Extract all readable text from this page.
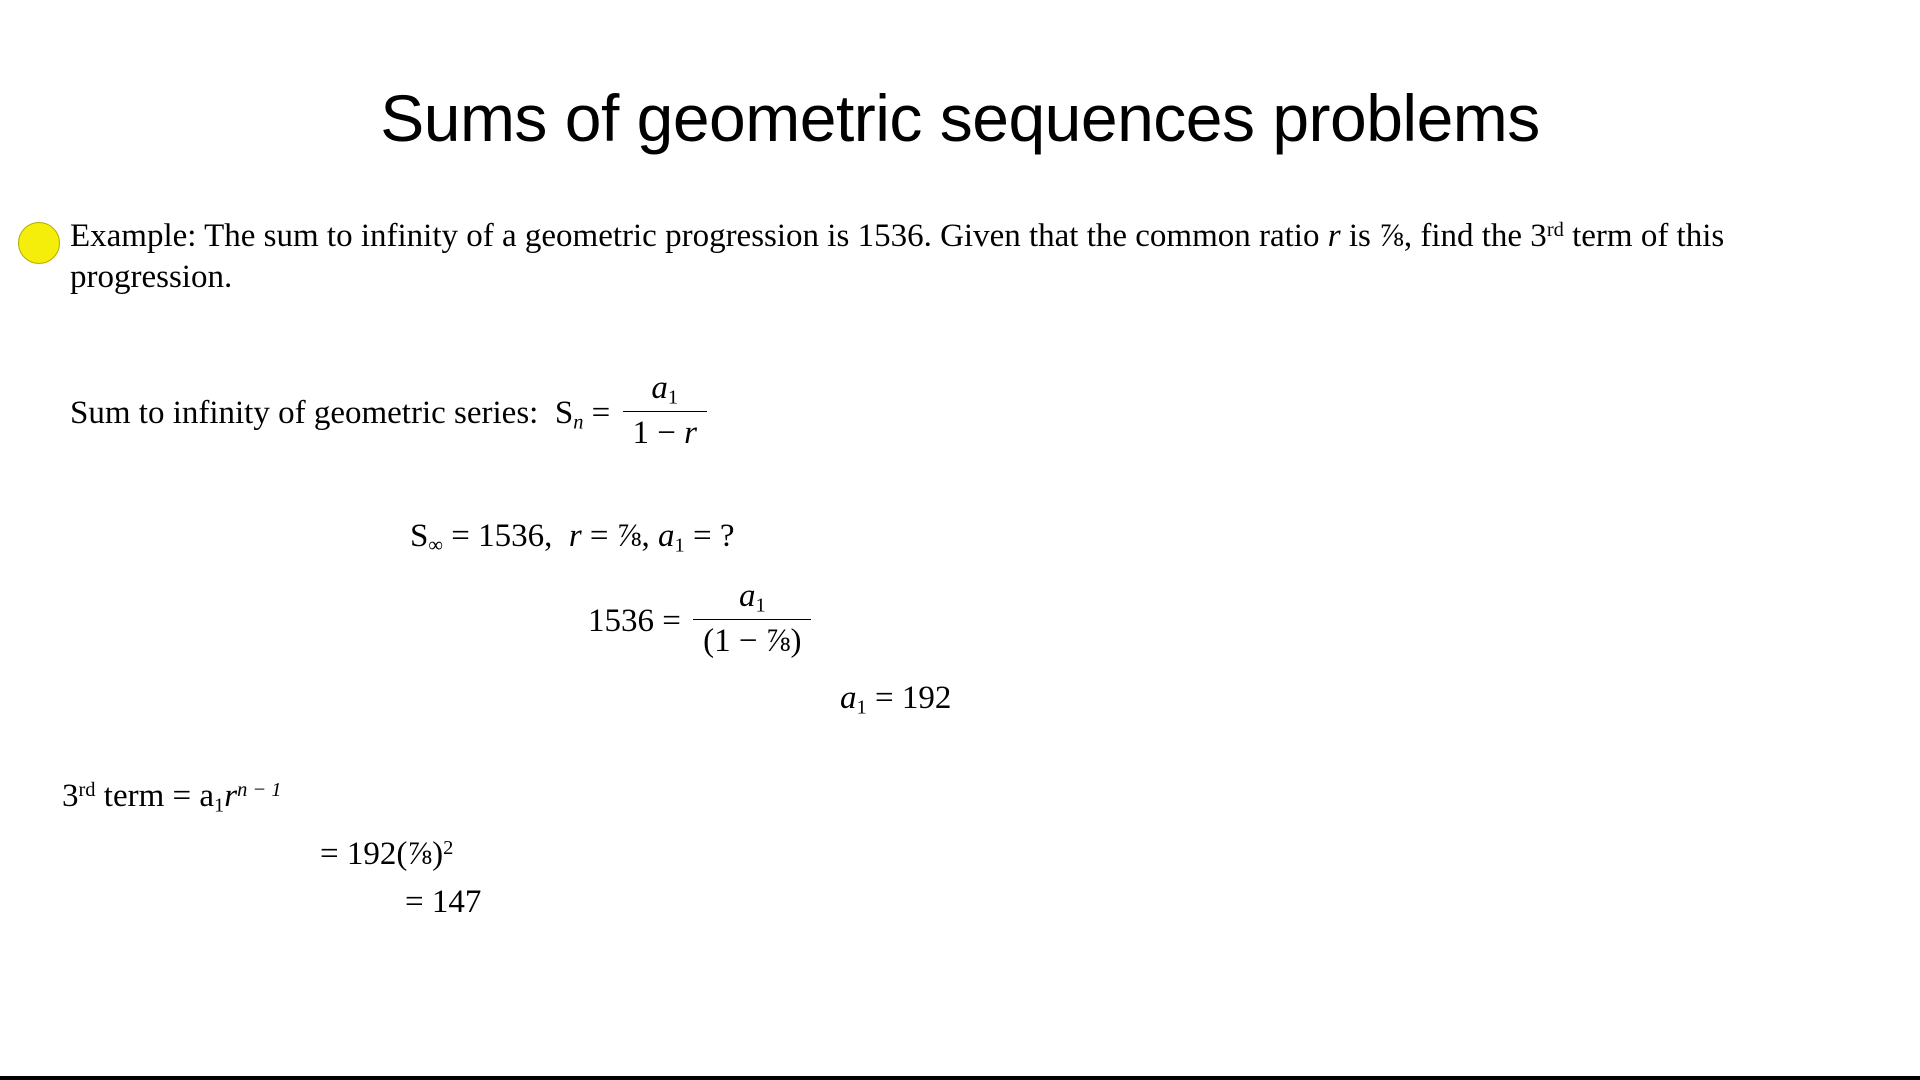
Sums of geometric sequences problems
Example: The sum to infinity of a geometric progression is 1536. Given that the common ratio r is ⅞, find the 3rd term of this progression.
Sum to infinity of geometric series: $S_n = \frac{a_1}{1 - r}$
$S_\infty = 1536$, r = ⅞, $a_1$ = ?
$1536 = \frac{a_1}{\text{(1 − ⅞)}}$
$a_1 = 192$
3rd term = $a_1r^{n - 1}$
= 192(⅞)$^2$
= 147
